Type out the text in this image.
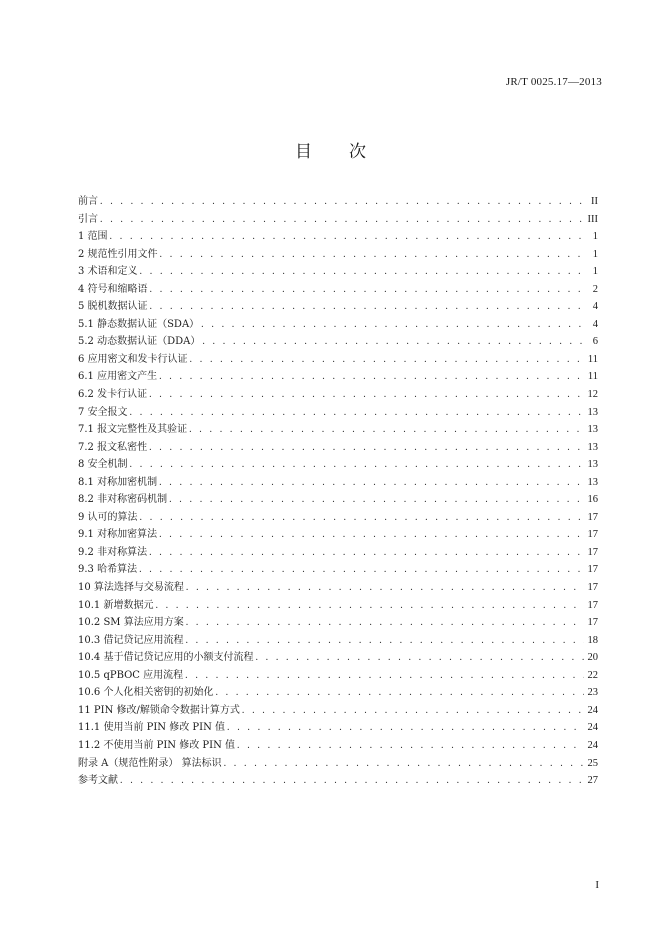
JR/T 0025.17—2013
目　　次
前言 . . .	II
引言 . . .	III
1 范围 . . .	1
2 规范性引用文件 . . .	1
3 术语和定义 . . .	1
4 符号和缩略语 . . .	2
5 脱机数据认证 . . .	4
5.1 静态数据认证（SDA） . . .	4
5.2 动态数据认证（DDA） . . .	6
6 应用密文和发卡行认证 . . .	11
6.1 应用密文产生 . . .	11
6.2 发卡行认证 . . .	12
7 安全报文 . . .	13
7.1 报文完整性及其验证 . . .	13
7.2 报文私密性 . . .	13
8 安全机制 . . .	13
8.1 对称加密机制 . . .	13
8.2 非对称密码机制 . . .	16
9 认可的算法 . . .	17
9.1 对称加密算法 . . .	17
9.2 非对称算法 . . .	17
9.3 哈希算法 . . .	17
10 算法选择与交易流程 . . .	17
10.1 新增数据元 . . .	17
10.2 SM 算法应用方案 . . .	17
10.3 借记贷记应用流程 . . .	18
10.4 基于借记贷记应用的小额支付流程 . . .	20
10.5 qPBOC 应用流程 . . .	22
10.6 个人化相关密钥的初始化 . . .	23
11 PIN 修改/解锁命令数据计算方式 . . .	24
11.1 使用当前 PIN 修改 PIN 值 . . .	24
11.2 不使用当前 PIN 修改 PIN 值 . . .	24
附录 A（规范性附录） 算法标识 . . .	25
参考文献 . . .	27
I
